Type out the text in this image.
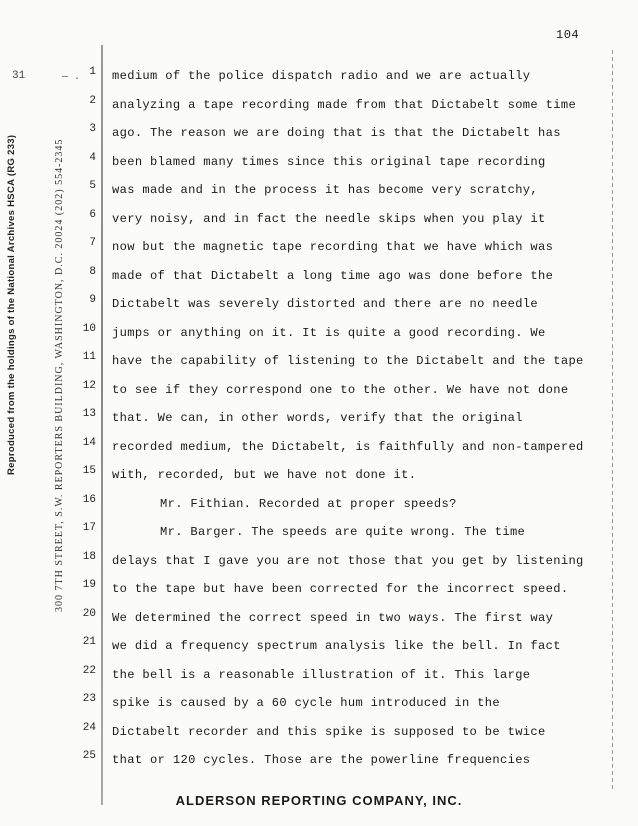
104
31	— .
Reproduced from the holdings of the National Archives HSCA (RG 233)	300 7TH STREET, S.W. REPORTERS BUILDING, WASHINGTON, D.C. 20024 (202) 554-2345
1
2
3
4
5
6
7
8
9
10
11
12
13
14
15
16
17
18
19
20
21
22
23
24
25
medium of the police dispatch radio and we are actually
analyzing a tape recording made from that Dictabelt some time
ago. The reason we are doing that is that the Dictabelt has
been blamed many times since this original tape recording
was made and in the process it has become very scratchy,
very noisy, and in fact the needle skips when you play it
now but the magnetic tape recording that we have which was
made of that Dictabelt a long time ago was done before the
Dictabelt was severely distorted and there are no needle
jumps or anything on it. It is quite a good recording. We
have the capability of listening to the Dictabelt and the tape
to see if they correspond one to the other. We have not done
that. We can, in other words, verify that the original
recorded medium, the Dictabelt, is faithfully and non-tampered
with, recorded, but we have not done it.
Mr. Fithian. Recorded at proper speeds?
Mr. Barger. The speeds are quite wrong. The time
delays that I gave you are not those that you get by listening
to the tape but have been corrected for the incorrect speed.
We determined the correct speed in two ways. The first way
we did a frequency spectrum analysis like the bell. In fact
the bell is a reasonable illustration of it. This large
spike is caused by a 60 cycle hum introduced in the
Dictabelt recorder and this spike is supposed to be twice
that or 120 cycles. Those are the powerline frequencies
ALDERSON REPORTING COMPANY, INC.
